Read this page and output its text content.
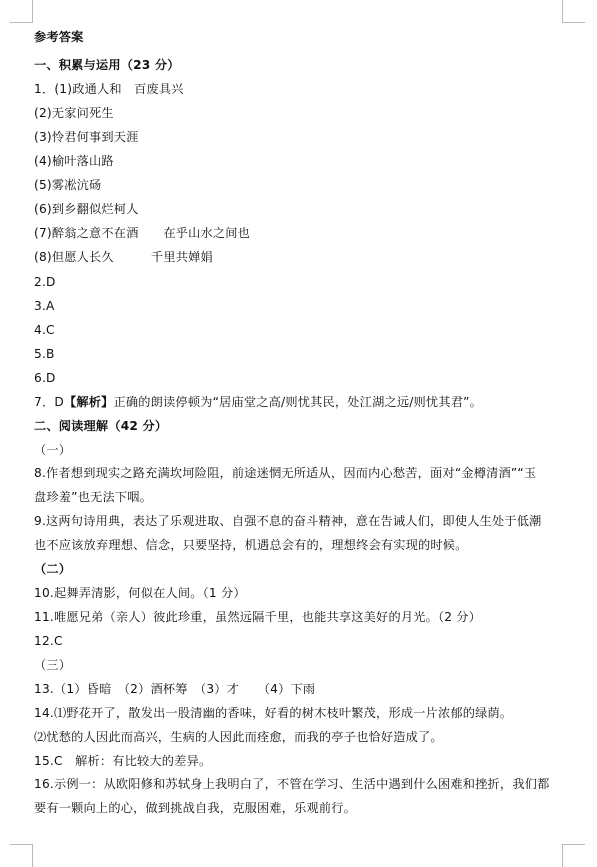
参考答案
一、积累与运用（23 分）
1．(1)政通人和　百废具兴
(2)无家问死生
(3)怜君何事到天涯
(4)榆叶落山路
(5)雾凇沆砀
(6)到乡翻似烂柯人
(7)醉翁之意不在酒　　在乎山水之间也
(8)但愿人长久　　　千里共婵娟
2.D
3.A
4.C
5.B
6.D
7．D【解析】正确的朗读停顿为“居庙堂之高/则忧其民，处江湖之远/则忧其君”。
二、阅读理解（42 分）
（一）
8.作者想到现实之路充满坎坷险阻，前途迷惘无所适从，因而内心愁苦，面对“金樽清酒”“玉
盘珍羞”也无法下咽。
9.这两句诗用典，表达了乐观进取、自强不息的奋斗精神，意在告诫人们，即使人生处于低潮
也不应该放弃理想、信念，只要坚持，机遇总会有的，理想终会有实现的时候。
（二）
10.起舞弄清影，何似在人间。（1 分）
11.唯愿兄弟（亲人）彼此珍重，虽然远隔千里，也能共享这美好的月光。（2 分）
12.C
（三）
13.（1）昏暗　（2）酒杯筹　（3）才　　（4）下雨
14.⑴野花开了，散发出一股清幽的香味，好看的树木枝叶繁茂，形成一片浓郁的绿荫。
⑵忧愁的人因此而高兴，生病的人因此而痊愈，而我的亭子也恰好造成了。
15.C　解析：有比较大的差异。
16.示例一：从欧阳修和苏轼身上我明白了，不管在学习、生活中遇到什么困难和挫折，我们都
要有一颗向上的心，做到挑战自我，克服困难，乐观前行。
